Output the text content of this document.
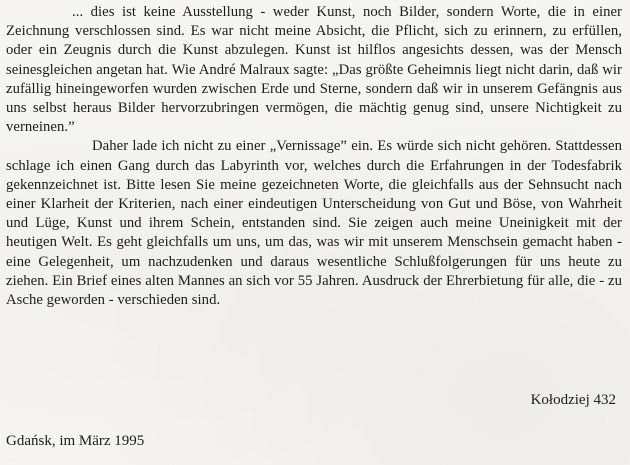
... dies ist keine Ausstellung - weder Kunst, noch Bilder, sondern Worte, die in einer Zeichnung verschlossen sind. Es war nicht meine Absicht, die Pflicht, sich zu erinnern, zu erfüllen, oder ein Zeugnis durch die Kunst abzulegen. Kunst ist hilflos angesichts dessen, was der Mensch seinesgleichen angetan hat. Wie André Malraux sagte: „Das größte Geheimnis liegt nicht darin, daß wir zufällig hineingeworfen wurden zwischen Erde und Sterne, sondern daß wir in unserem Gefängnis aus uns selbst heraus Bilder hervorzubringen vermögen, die mächtig genug sind, unsere Nichtigkeit zu verneinen.”

Daher lade ich nicht zu einer „Vernissage” ein. Es würde sich nicht gehören. Stattdessen schlage ich einen Gang durch das Labyrinth vor, welches durch die Erfahrungen in der Todesfabrik gekennzeichnet ist. Bitte lesen Sie meine gezeichneten Worte, die gleichfalls aus der Sehnsucht nach einer Klarheit der Kriterien, nach einer eindeutigen Unterscheidung von Gut und Böse, von Wahrheit und Lüge, Kunst und ihrem Schein, entstanden sind. Sie zeigen auch meine Uneinigkeit mit der heutigen Welt. Es geht gleichfalls um uns, um das, was wir mit unserem Menschsein gemacht haben - eine Gelegenheit, um nachzudenken und daraus wesentliche Schlußfolgerungen für uns heute zu ziehen. Ein Brief eines alten Mannes an sich vor 55 Jahren. Ausdruck der Ehrerbietung für alle, die - zu Asche geworden - verschieden sind.

Kołodziej 432
Gdańsk, im März 1995
